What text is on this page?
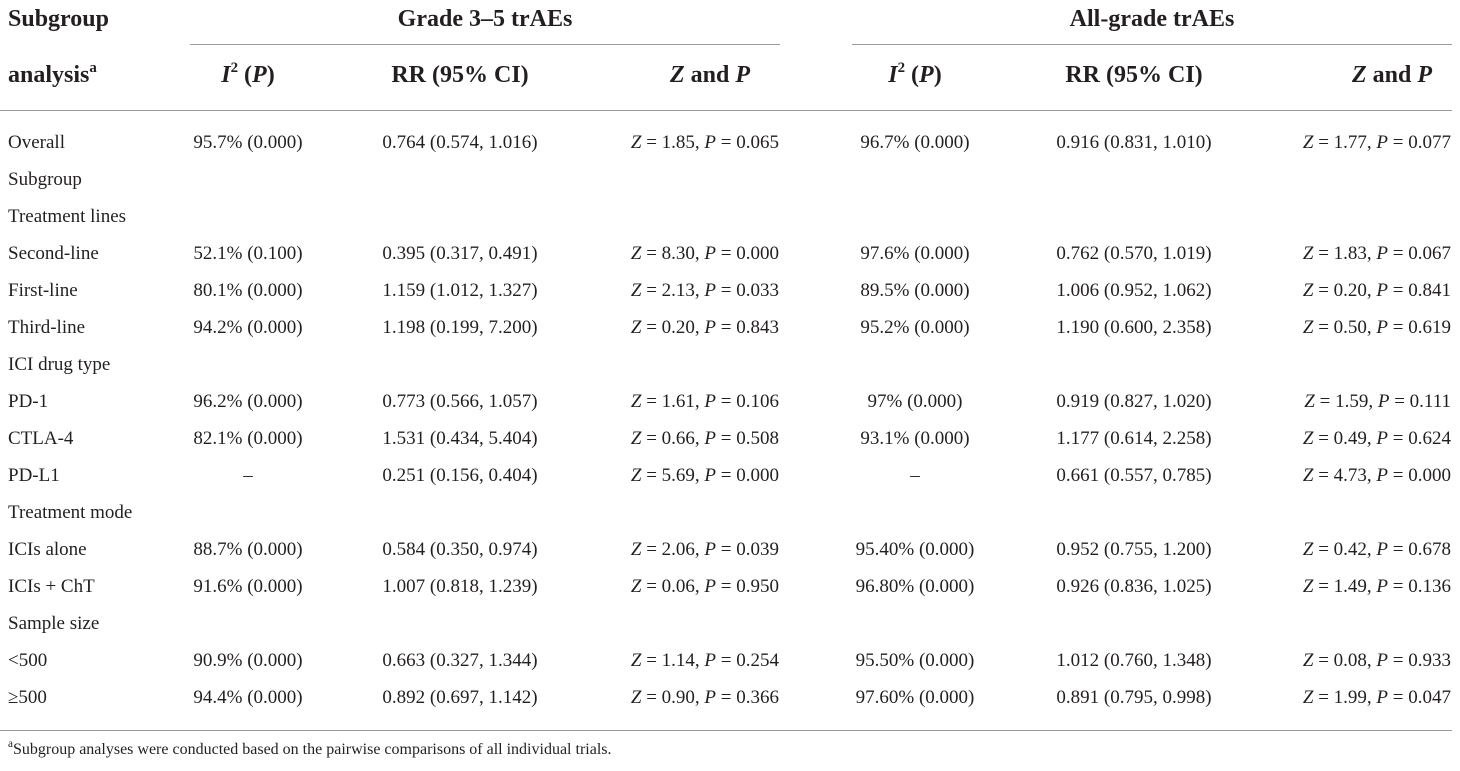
Subgroup
analysis$^a$
Grade 3–5 trAEs	All-grade trAEs
$I^2$ (P)	RR (95% CI)	Z and P	$I^2$ (P)	RR (95% CI)	Z and P
Overall	95.7% (0.000)	0.764 (0.574, 1.016)	Z = 1.85, P = 0.065	96.7% (0.000)	0.916 (0.831, 1.010)	Z = 1.77, P = 0.077
Subgroup
Treatment lines
Second-line	52.1% (0.100)	0.395 (0.317, 0.491)	Z = 8.30, P = 0.000	97.6% (0.000)	0.762 (0.570, 1.019)	Z = 1.83, P = 0.067
First-line	80.1% (0.000)	1.159 (1.012, 1.327)	Z = 2.13, P = 0.033	89.5% (0.000)	1.006 (0.952, 1.062)	Z = 0.20, P = 0.841
Third-line	94.2% (0.000)	1.198 (0.199, 7.200)	Z = 0.20, P = 0.843	95.2% (0.000)	1.190 (0.600, 2.358)	Z = 0.50, P = 0.619
ICI drug type
PD-1	96.2% (0.000)	0.773 (0.566, 1.057)	Z = 1.61, P = 0.106	97% (0.000)	0.919 (0.827, 1.020)	Z = 1.59, P = 0.111
CTLA-4	82.1% (0.000)	1.531 (0.434, 5.404)	Z = 0.66, P = 0.508	93.1% (0.000)	1.177 (0.614, 2.258)	Z = 0.49, P = 0.624
PD-L1	–	0.251 (0.156, 0.404)	Z = 5.69, P = 0.000	–	0.661 (0.557, 0.785)	Z = 4.73, P = 0.000
Treatment mode
ICIs alone	88.7% (0.000)	0.584 (0.350, 0.974)	Z = 2.06, P = 0.039	95.40% (0.000)	0.952 (0.755, 1.200)	Z = 0.42, P = 0.678
ICIs + ChT	91.6% (0.000)	1.007 (0.818, 1.239)	Z = 0.06, P = 0.950	96.80% (0.000)	0.926 (0.836, 1.025)	Z = 1.49, P = 0.136
Sample size
<500	90.9% (0.000)	0.663 (0.327, 1.344)	Z = 1.14, P = 0.254	95.50% (0.000)	1.012 (0.760, 1.348)	Z = 0.08, P = 0.933
≥500	94.4% (0.000)	0.892 (0.697, 1.142)	Z = 0.90, P = 0.366	97.60% (0.000)	0.891 (0.795, 0.998)	Z = 1.99, P = 0.047
$^a$Subgroup analyses were conducted based on the pairwise comparisons of all individual trials.
